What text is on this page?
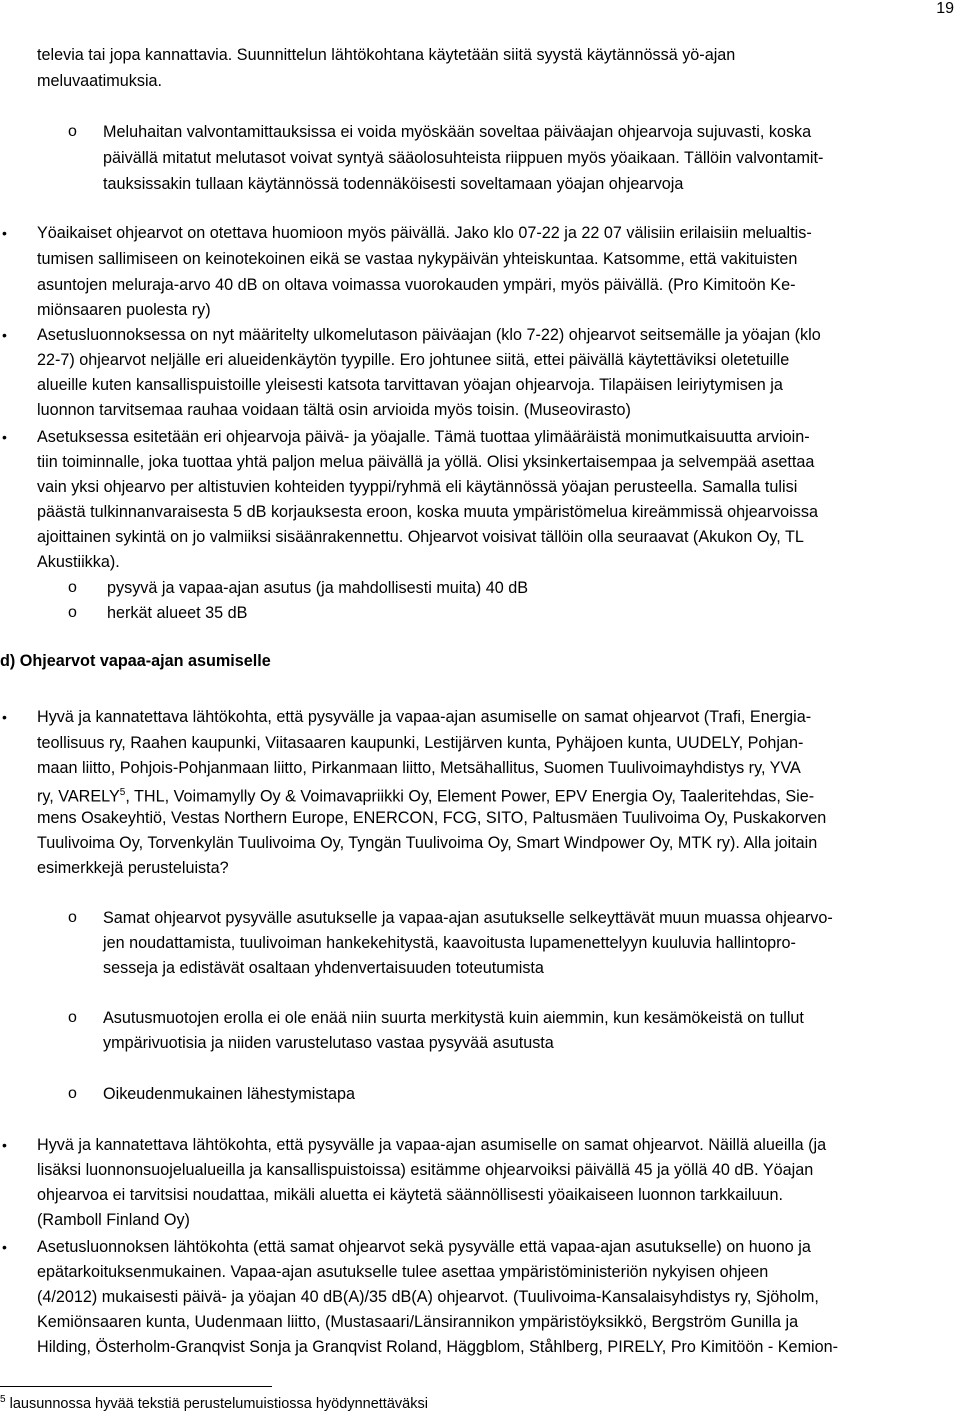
19
televia tai jopa kannattavia. Suunnittelun lähtökohtana käytetään siitä syystä käytännössä yö-ajan
meluvaatimuksia.
o Meluhaitan valvontamittauksissa ei voida myöskään soveltaa päiväajan ohjearvoja sujuvasti, koska
päivällä mitatut melutasot voivat syntyä sääolosuhteista riippuen myös yöaikaan. Tällöin valvontamit-
tauksissakin tullaan käytännössä todennäköisesti soveltamaan yöajan ohjearvoja
• Yöaikaiset ohjearvot on otettava huomioon myös päivällä. Jako klo 07-22 ja 22 07 välisiin erilaisiin melualtis-
tumisen sallimiseen on keinotekoinen eikä se vastaa nykypäivän yhteiskuntaa. Katsomme, että vakituisten
asuntojen meluraja-arvo 40 dB on oltava voimassa vuorokauden ympäri, myös päivällä. (Pro Kimitoön Ke-
miönsaaren puolesta ry)
• Asetusluonnoksessa on nyt määritelty ulkomelutason päiväajan (klo 7-22) ohjearvot seitsemälle ja yöajan (klo
22-7) ohjearvot neljälle eri alueidenkäytön tyypille. Ero johtunee siitä, ettei päivällä käytettäviksi oletetuille
alueille kuten kansallispuistoille yleisesti katsota tarvittavan yöajan ohjearvoja. Tilapäisen leiriytymisen ja
luonnon tarvitsemaa rauhaa voidaan tältä osin arvioida myös toisin. (Museovirasto)
• Asetuksessa esitetään eri ohjearvoja päivä- ja yöajalle. Tämä tuottaa ylimääräistä monimutkaisuutta arvioin-
tiin toiminnalle, joka tuottaa yhtä paljon melua päivällä ja yöllä. Olisi yksinkertaisempaa ja selvempää asettaa
vain yksi ohjearvo per altistuvien kohteiden tyyppi/ryhmä eli käytännössä yöajan perusteella. Samalla tulisi
päästä tulkinnanvaraisesta 5 dB korjauksesta eroon, koska muuta ympäristömelua kireämmissä ohjearvoissa
ajoittainen sykintä on jo valmiiksi sisäänrakennettu. Ohjearvot voisivat tällöin olla seuraavat (Akukon Oy, TL
Akustiikka).
o pysyvä ja vapaa-ajan asutus (ja mahdollisesti muita) 40 dB
o herkät alueet 35 dB
d) Ohjearvot vapaa-ajan asumiselle
• Hyvä ja kannatettava lähtökohta, että pysyvälle ja vapaa-ajan asumiselle on samat ohjearvot (Trafi, Energia-
teollisuus ry, Raahen kaupunki, Viitasaaren kaupunki, Lestijärven kunta, Pyhäjoen kunta, UUDELY, Pohjan-
maan liitto, Pohjois-Pohjanmaan liitto, Pirkanmaan liitto, Metsähallitus, Suomen Tuulivoimayhdistys ry, YVA
ry, VARELY$^5$, THL, Voimamylly Oy & Voimavapriikki Oy, Element Power, EPV Energia Oy, Taaleritehdas, Sie-
mens Osakeyhtiö, Vestas Northern Europe, ENERCON, FCG, SITO, Paltusmäen Tuulivoima Oy, Puskakorven
Tuulivoima Oy, Torvenkylän Tuulivoima Oy, Tyngän Tuulivoima Oy, Smart Windpower Oy, MTK ry). Alla joitain
esimerkkejä perusteluista?
o Samat ohjearvot pysyvälle asutukselle ja vapaa-ajan asutukselle selkeyttävät muun muassa ohjearvo-
jen noudattamista, tuulivoiman hankekehitystä, kaavoitusta lupamenettelyyn kuuluvia hallintopro-
sesseja ja edistävät osaltaan yhdenvertaisuuden toteutumista
o Asutusmuotojen erolla ei ole enää niin suurta merkitystä kuin aiemmin, kun kesämökeistä on tullut
ympärivuotisia ja niiden varustelutaso vastaa pysyvää asutusta
o Oikeudenmukainen lähestymistapa
• Hyvä ja kannatettava lähtökohta, että pysyvälle ja vapaa-ajan asumiselle on samat ohjearvot. Näillä alueilla (ja
lisäksi luonnonsuojelualueilla ja kansallispuistoissa) esitämme ohjearvoiksi päivällä 45 ja yöllä 40 dB. Yöajan
ohjearvoa ei tarvitsisi noudattaa, mikäli aluetta ei käytetä säännöllisesti yöaikaiseen luonnon tarkkailuun.
(Ramboll Finland Oy)
• Asetusluonnoksen lähtökohta (että samat ohjearvot sekä pysyvälle että vapaa-ajan asutukselle) on huono ja
epätarkoituksenmukainen. Vapaa-ajan asutukselle tulee asettaa ympäristöministeriön nykyisen ohjeen
(4/2012) mukaisesti päivä- ja yöajan 40 dB(A)/35 dB(A) ohjearvot. (Tuulivoima-Kansalaisyhdistys ry, Sjöholm,
Kemiönsaaren kunta, Uudenmaan liitto, (Mustasaari/Länsirannikon ympäristöyksikkö, Bergström Gunilla ja
Hilding, Österholm-Granqvist Sonja ja Granqvist Roland, Häggblom, Ståhlberg, PIRELY, Pro Kimitöön - Kemion-
$^5$ lausunnossa hyvää tekstiä perustelumuistiossa hyödynnettäväksi
